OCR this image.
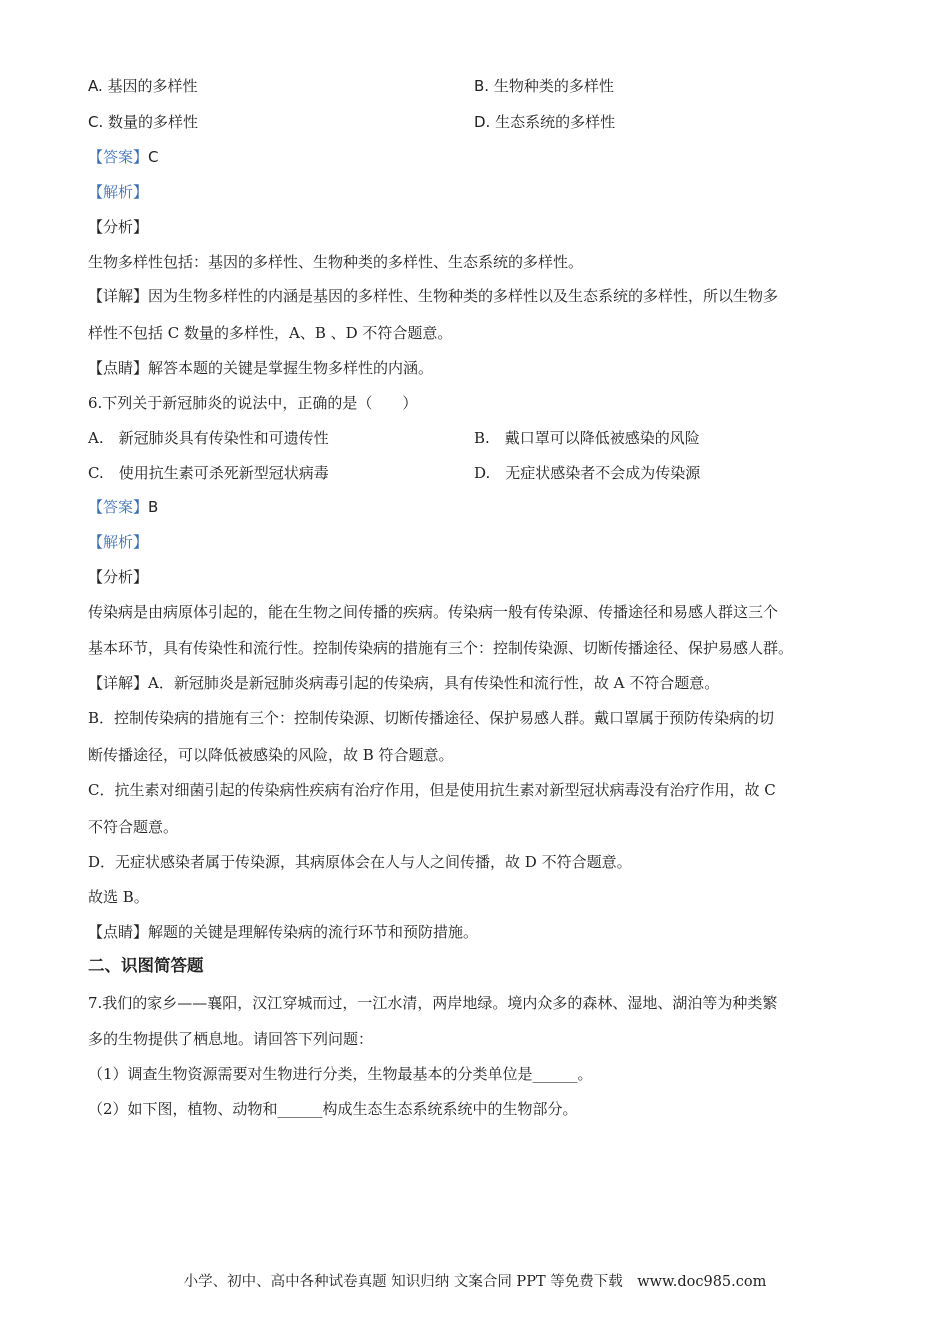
A. 基因的多样性	B. 生物种类的多样性
C. 数量的多样性	D. 生态系统的多样性
【答案】C
【解析】
【分析】
生物多样性包括：基因的多样性、生物种类的多样性、生态系统的多样性。
【详解】因为生物多样性的内涵是基因的多样性、生物种类的多样性以及生态系统的多样性，所以生物多
样性不包括 C 数量的多样性，A、B 、D 不符合题意。
【点睛】解答本题的关键是掌握生物多样性的内涵。
6.下列关于新冠肺炎的说法中，正确的是（　　）
A.　新冠肺炎具有传染性和可遗传性	B.　戴口罩可以降低被感染的风险
C.　使用抗生素可杀死新型冠状病毒	D.　无症状感染者不会成为传染源
【答案】B
【解析】
【分析】
传染病是由病原体引起的，能在生物之间传播的疾病。传染病一般有传染源、传播途径和易感人群这三个
基本环节，具有传染性和流行性。控制传染病的措施有三个：控制传染源、切断传播途径、保护易感人群。
【详解】A．新冠肺炎是新冠肺炎病毒引起的传染病，具有传染性和流行性，故 A 不符合题意。
B．控制传染病的措施有三个：控制传染源、切断传播途径、保护易感人群。戴口罩属于预防传染病的切
断传播途径，可以降低被感染的风险，故 B 符合题意。
C．抗生素对细菌引起的传染病性疾病有治疗作用，但是使用抗生素对新型冠状病毒没有治疗作用，故 C
不符合题意。
D．无症状感染者属于传染源，其病原体会在人与人之间传播，故 D 不符合题意。
故选 B。
【点睛】解题的关键是理解传染病的流行环节和预防措施。
二、识图简答题
7.我们的家乡——襄阳，汉江穿城而过，一江水清，两岸地绿。境内众多的森林、湿地、湖泊等为种类繁
多的生物提供了栖息地。请回答下列问题：
（1）调查生物资源需要对生物进行分类，生物最基本的分类单位是______。
（2）如下图，植物、动物和______构成生态生态系统系统中的生物部分。
小学、初中、高中各种试卷真题 知识归纳 文案合同 PPT 等免费下载　www.doc985.com
